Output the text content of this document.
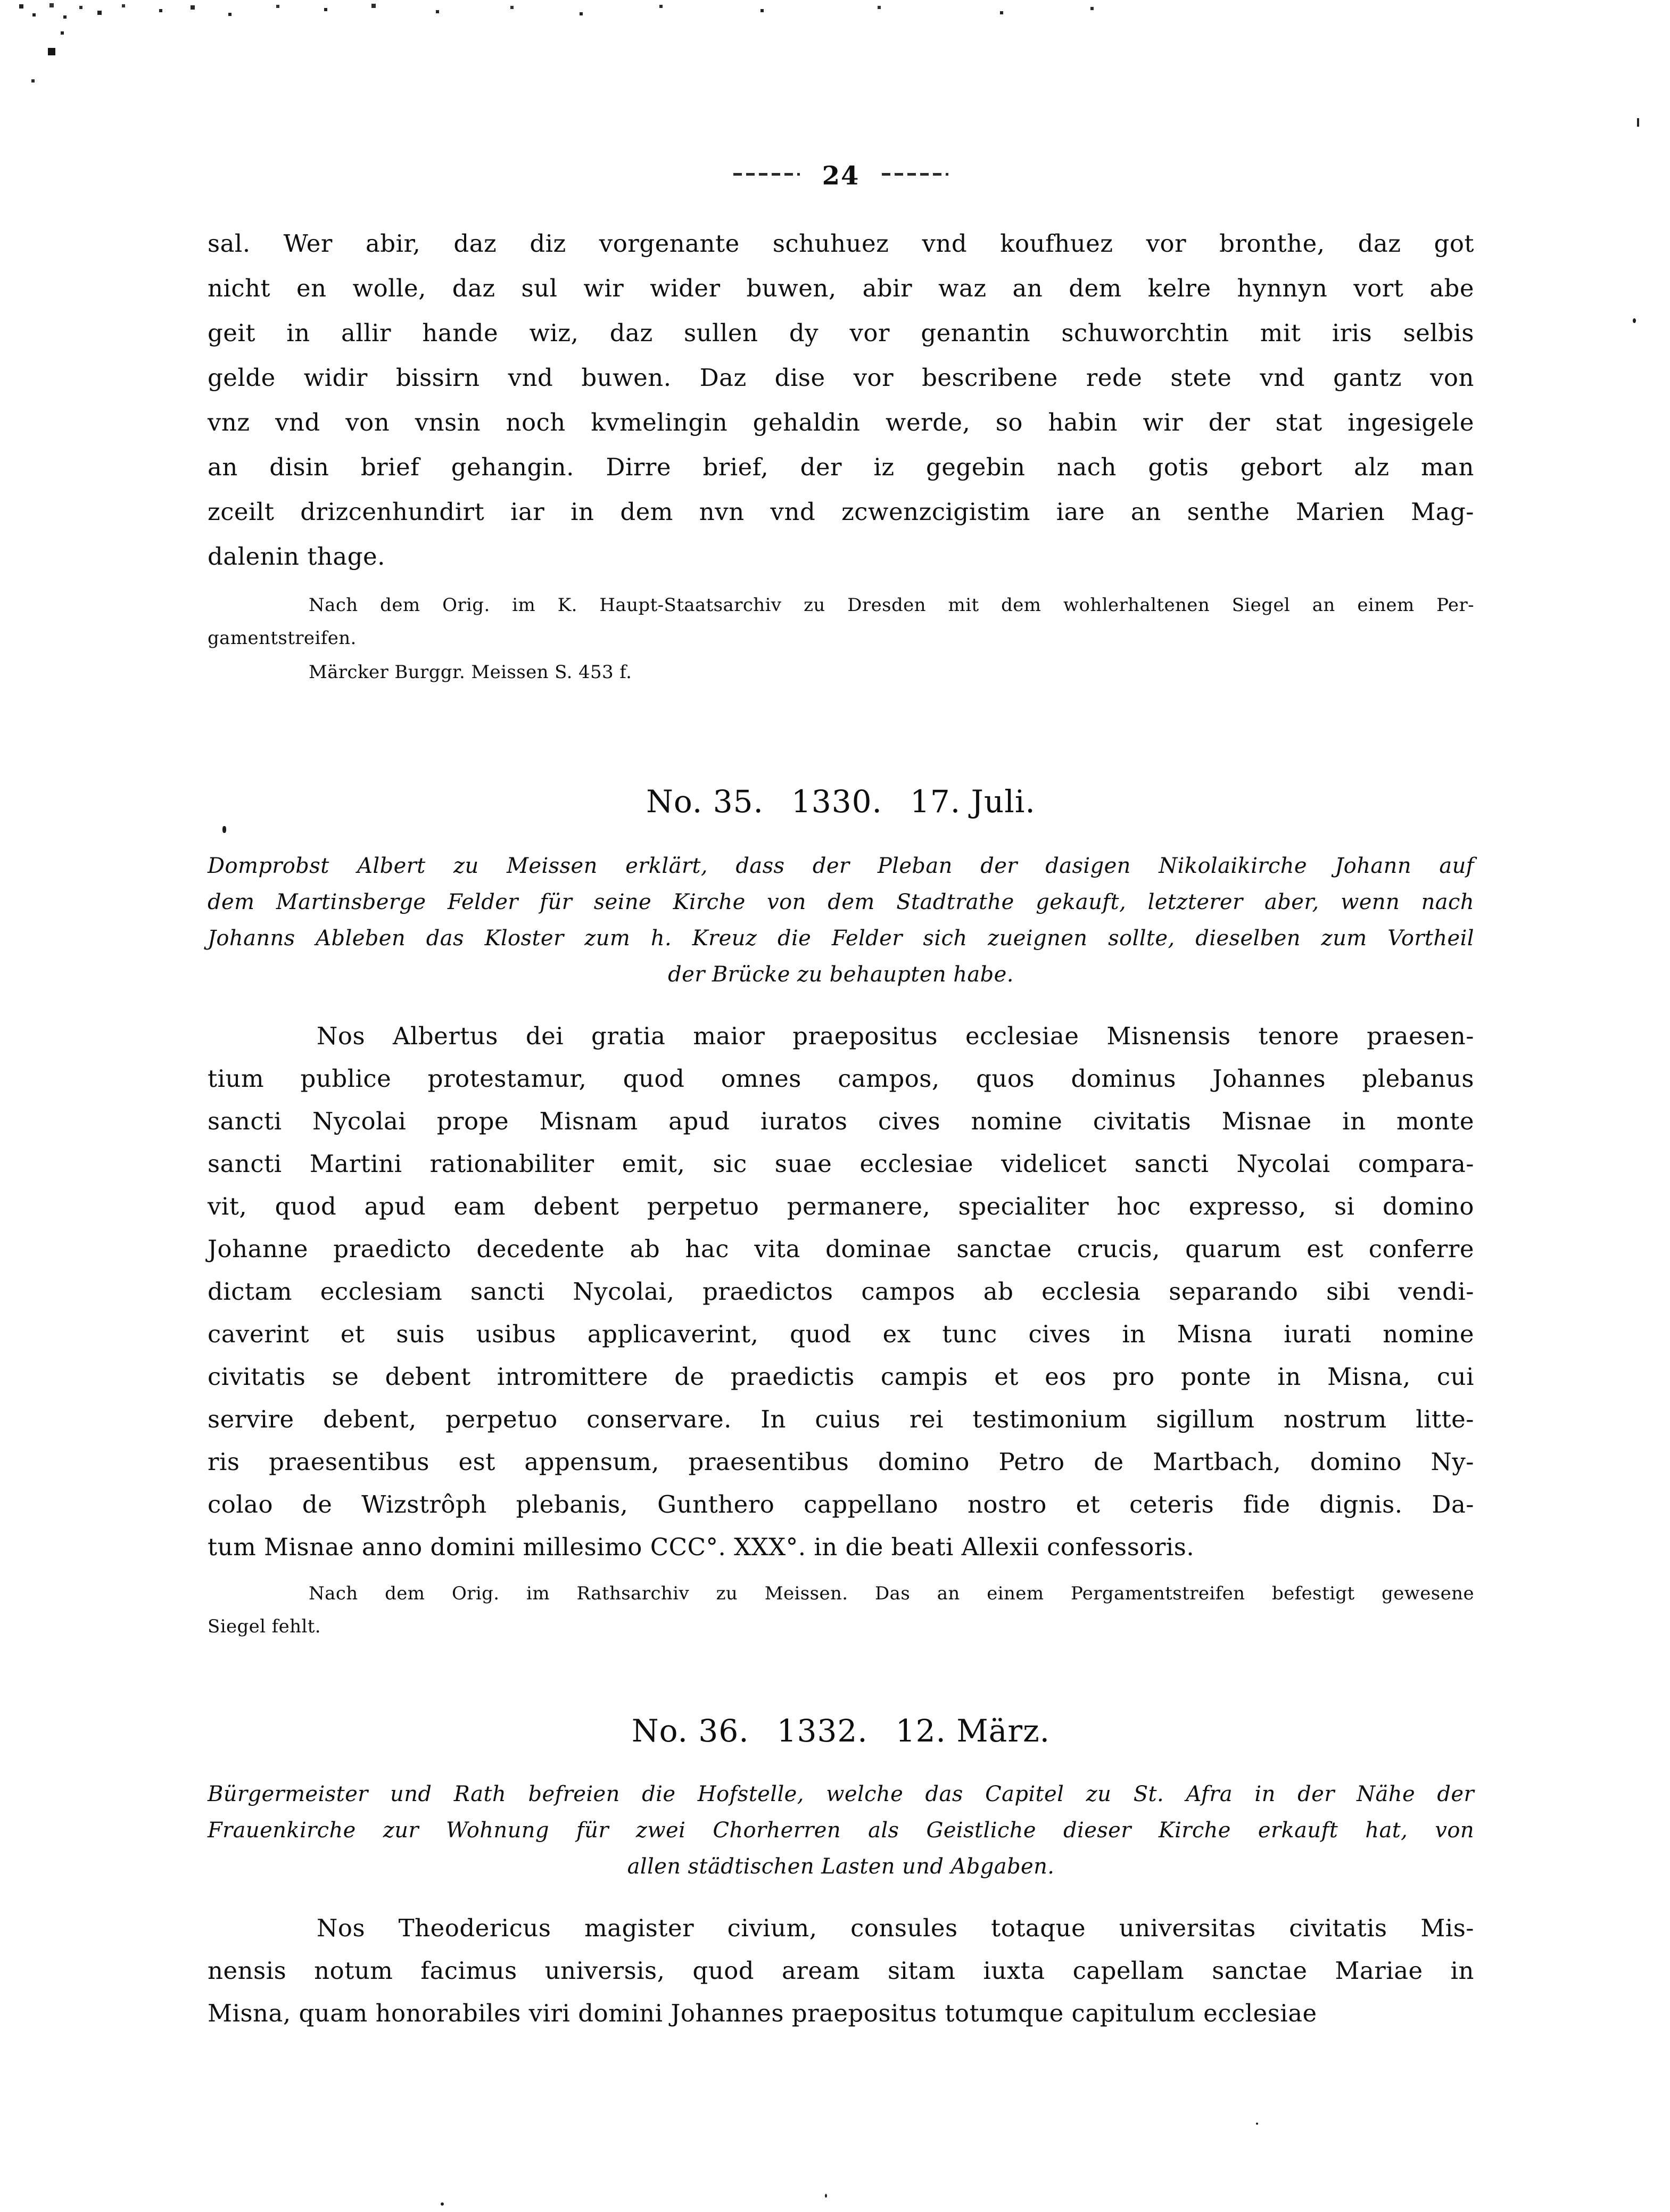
24
sal. Wer abir, daz diz vorgenante schuhuez vnd koufhuez vor bronthe, daz got
nicht en wolle, daz sul wir wider buwen, abir waz an dem kelre hynnyn vort abe
geit in allir hande wiz, daz sullen dy vor genantin schuworchtin mit iris selbis
gelde widir bissirn vnd buwen. Daz dise vor bescribene rede stete vnd gantz von
vnz vnd von vnsin noch kvmelingin gehaldin werde, so habin wir der stat ingesigele
an disin brief gehangin. Dirre brief, der iz gegebin nach gotis gebort alz man
zceilt drizcenhundirt iar in dem nvn vnd zcwenzcigistim iare an senthe Marien Mag-
dalenin thage.
Nach dem Orig. im K. Haupt-Staatsarchiv zu Dresden mit dem wohlerhaltenen Siegel an einem Per-
gamentstreifen.
Märcker Burggr. Meissen S. 453 f.
No. 35. 1330. 17. Juli.
Domprobst Albert zu Meissen erklärt, dass der Pleban der dasigen Nikolaikirche Johann auf
dem Martinsberge Felder für seine Kirche von dem Stadtrathe gekauft, letzterer aber, wenn nach
Johanns Ableben das Kloster zum h. Kreuz die Felder sich zueignen sollte, dieselben zum Vortheil
der Brücke zu behaupten habe.
Nos Albertus dei gratia maior praepositus ecclesiae Misnensis tenore praesen-
tium publice protestamur, quod omnes campos, quos dominus Johannes plebanus
sancti Nycolai prope Misnam apud iuratos cives nomine civitatis Misnae in monte
sancti Martini rationabiliter emit, sic suae ecclesiae videlicet sancti Nycolai compara-
vit, quod apud eam debent perpetuo permanere, specialiter hoc expresso, si domino
Johanne praedicto decedente ab hac vita dominae sanctae crucis, quarum est conferre
dictam ecclesiam sancti Nycolai, praedictos campos ab ecclesia separando sibi vendi-
caverint et suis usibus applicaverint, quod ex tunc cives in Misna iurati nomine
civitatis se debent intromittere de praedictis campis et eos pro ponte in Misna, cui
servire debent, perpetuo conservare. In cuius rei testimonium sigillum nostrum litte-
ris praesentibus est appensum, praesentibus domino Petro de Martbach, domino Ny-
colao de Wizstrôph plebanis, Gunthero cappellano nostro et ceteris fide dignis. Da-
tum Misnae anno domini millesimo CCC°. XXX°. in die beati Allexii confessoris.
Nach dem Orig. im Rathsarchiv zu Meissen. Das an einem Pergamentstreifen befestigt gewesene
Siegel fehlt.
No. 36. 1332. 12. März.
Bürgermeister und Rath befreien die Hofstelle, welche das Capitel zu St. Afra in der Nähe der
Frauenkirche zur Wohnung für zwei Chorherren als Geistliche dieser Kirche erkauft hat, von
allen städtischen Lasten und Abgaben.
Nos Theodericus magister civium, consules totaque universitas civitatis Mis-
nensis notum facimus universis, quod aream sitam iuxta capellam sanctae Mariae in
Misna, quam honorabiles viri domini Johannes praepositus totumque capitulum ecclesiae
